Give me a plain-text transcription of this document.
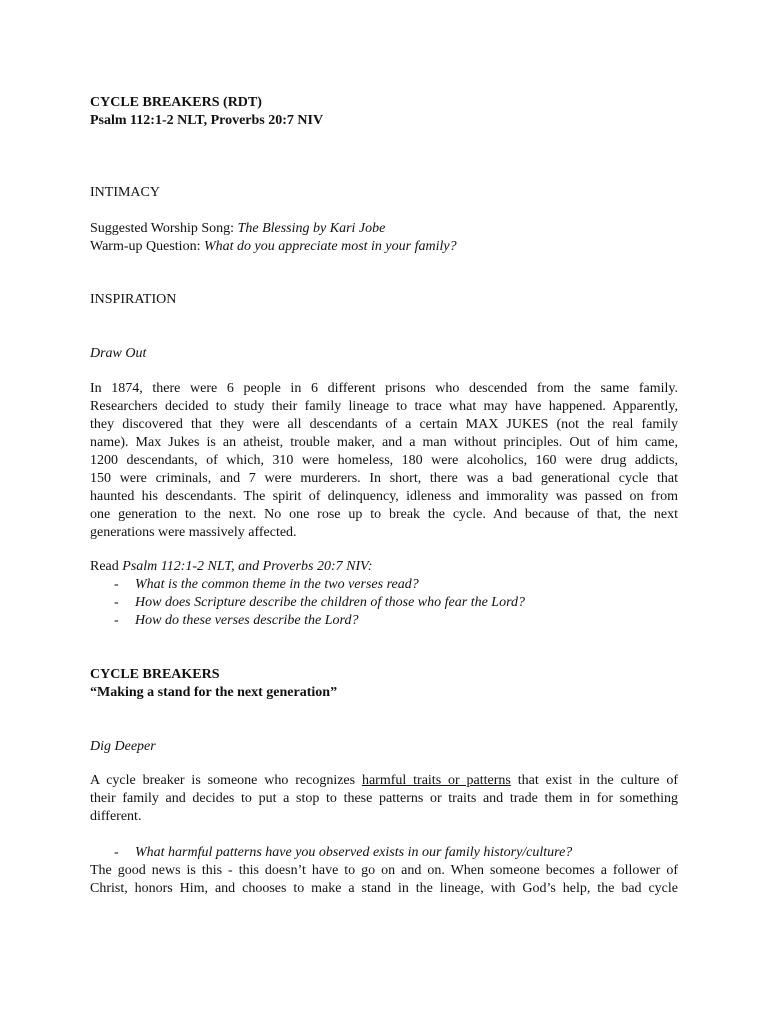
CYCLE BREAKERS (RDT)
Psalm 112:1-2 NLT, Proverbs 20:7 NIV
INTIMACY
Suggested Worship Song: The Blessing by Kari Jobe
Warm-up Question: What do you appreciate most in your family?
INSPIRATION
Draw Out
In 1874, there were 6 people in 6 different prisons who descended from the same family.
Researchers decided to study their family lineage to trace what may have happened. Apparently,
they discovered that they were all descendants of a certain MAX JUKES (not the real family
name). Max Jukes is an atheist, trouble maker, and a man without principles. Out of him came,
1200 descendants, of which, 310 were homeless, 180 were alcoholics, 160 were drug addicts,
150 were criminals, and 7 were murderers. In short, there was a bad generational cycle that
haunted his descendants. The spirit of delinquency, idleness and immorality was passed on from
one generation to the next. No one rose up to break the cycle. And because of that, the next
generations were massively affected.
Read Psalm 112:1-2 NLT, and Proverbs 20:7 NIV:
- What is the common theme in the two verses read?
- How does Scripture describe the children of those who fear the Lord?
- How do these verses describe the Lord?
CYCLE BREAKERS
“Making a stand for the next generation”
Dig Deeper
A cycle breaker is someone who recognizes harmful traits or patterns that exist in the culture of
their family and decides to put a stop to these patterns or traits and trade them in for something
different.
- What harmful patterns have you observed exists in our family history/culture?
The good news is this - this doesn’t have to go on and on. When someone becomes a follower of
Christ, honors Him, and chooses to make a stand in the lineage, with God’s help, the bad cycle
